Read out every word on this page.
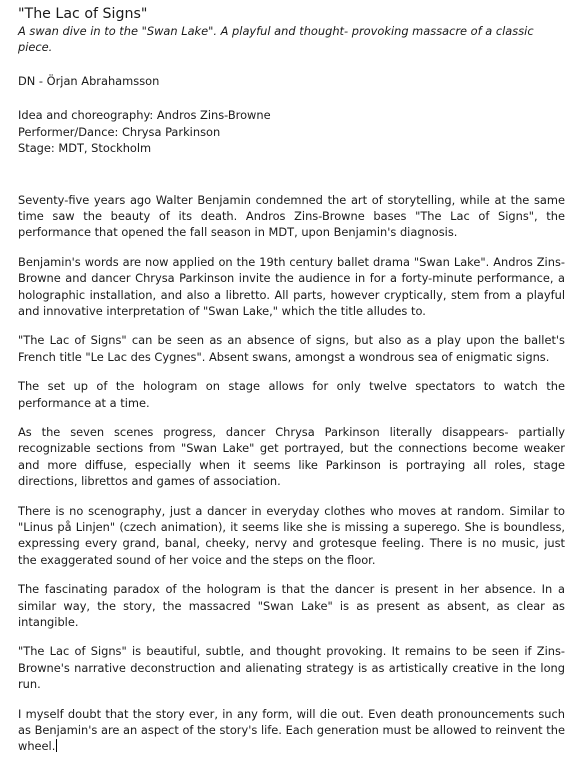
"The Lac of Signs"

A swan dive in to the "Swan Lake". A playful and thought- provoking massacre of a classic piece.

DN - Örjan Abrahamsson

Idea and choreography: Andros Zins-Browne
Performer/Dance: Chrysa Parkinson
Stage: MDT, Stockholm

Seventy-five years ago Walter Benjamin condemned the art of storytelling, while at the same time saw the beauty of its death. Andros Zins-Browne bases "The Lac of Signs", the performance that opened the fall season in MDT, upon Benjamin's diagnosis.

Benjamin's words are now applied on the 19th century ballet drama "Swan Lake". Andros Zins-Browne and dancer Chrysa Parkinson invite the audience in for a forty-minute performance, a holographic installation, and also a libretto. All parts, however cryptically, stem from a playful and innovative interpretation of "Swan Lake," which the title alludes to.

"The Lac of Signs" can be seen as an absence of signs, but also as a play upon the ballet's French title "Le Lac des Cygnes". Absent swans, amongst a wondrous sea of enigmatic signs.

The set up of the hologram on stage allows for only twelve spectators to watch the performance at a time.

As the seven scenes progress, dancer Chrysa Parkinson literally disappears- partially recognizable sections from "Swan Lake" get portrayed, but the connections become weaker and more diffuse, especially when it seems like Parkinson is portraying all roles, stage directions, librettos and games of association.

There is no scenography, just a dancer in everyday clothes who moves at random. Similar to "Linus på Linjen" (czech animation), it seems like she is missing a superego. She is boundless, expressing every grand, banal, cheeky, nervy and grotesque feeling. There is no music, just the exaggerated sound of her voice and the steps on the floor.

The fascinating paradox of the hologram is that the dancer is present in her absence. In a similar way, the story, the massacred "Swan Lake" is as present as absent, as clear as intangible.

"The Lac of Signs" is beautiful, subtle, and thought provoking. It remains to be seen if Zins-Browne's narrative deconstruction and alienating strategy is as artistically creative in the long run.

I myself doubt that the story ever, in any form, will die out. Even death pronouncements such as Benjamin's are an aspect of the story's life. Each generation must be allowed to reinvent the wheel.
